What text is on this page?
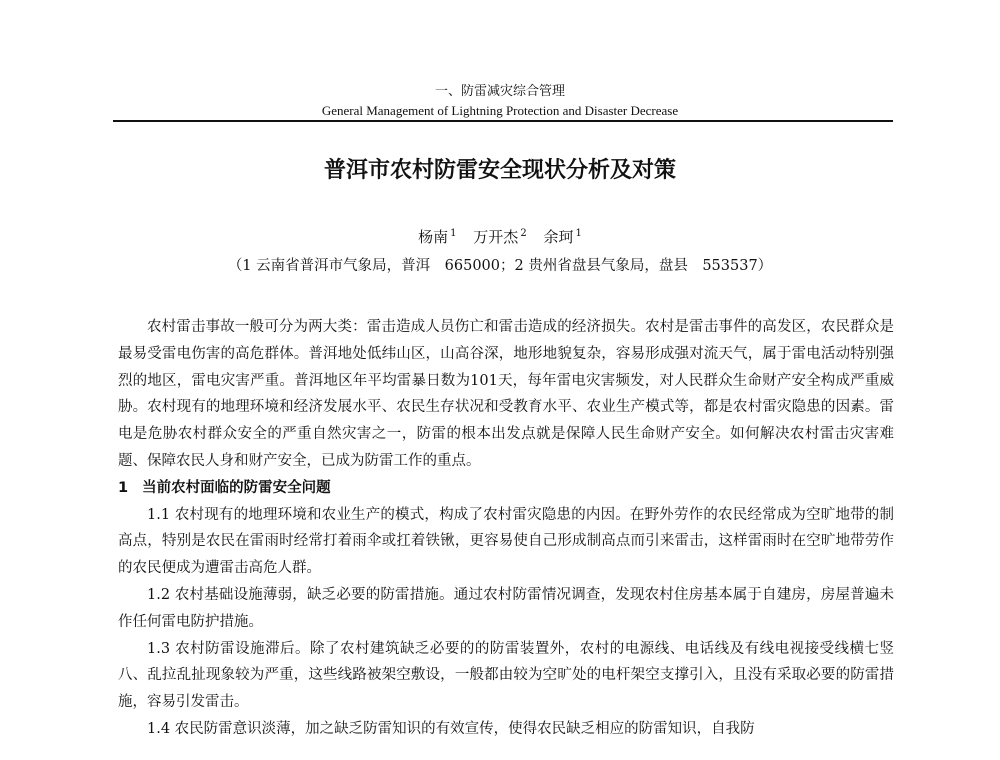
一、防雷减灾综合管理
General Management of Lightning Protection and Disaster Decrease
普洱市农村防雷安全现状分析及对策
杨南 $^1$ 万开杰 $^2$ 余珂 $^1$
（1 云南省普洱市气象局，普洱　665000；2 贵州省盘县气象局，盘县　553537）

农村雷击事故一般可分为两大类：雷击造成人员伤亡和雷击造成的经济损失。农村是雷击事件的高发区，农民群众是最易受雷电伤害的高危群体。普洱地处低纬山区，山高谷深，地形地貌复杂，容易形成强对流天气，属于雷电活动特别强烈的地区，雷电灾害严重。普洱地区年平均雷暴日数为101天，每年雷电灾害频发，对人民群众生命财产安全构成严重威胁。农村现有的地理环境和经济发展水平、农民生存状况和受教育水平、农业生产模式等，都是农村雷灾隐患的因素。雷电是危胁农村群众安全的严重自然灾害之一，防雷的根本出发点就是保障人民生命财产安全。如何解决农村雷击灾害难题、保障农民人身和财产安全，已成为防雷工作的重点。

1 当前农村面临的防雷安全问题

1.1 农村现有的地理环境和农业生产的模式，构成了农村雷灾隐患的内因。在野外劳作的农民经常成为空旷地带的制高点，特别是农民在雷雨时经常打着雨伞或扛着铁锹，更容易使自己形成制高点而引来雷击，这样雷雨时在空旷地带劳作的农民便成为遭雷击高危人群。

1.2 农村基础设施薄弱，缺乏必要的防雷措施。通过农村防雷情况调查，发现农村住房基本属于自建房，房屋普遍未作任何雷电防护措施。

1.3 农村防雷设施滞后。除了农村建筑缺乏必要的的防雷装置外，农村的电源线、电话线及有线电视接受线横七竖八、乱拉乱扯现象较为严重，这些线路被架空敷设，一般都由较为空旷处的电杆架空支撑引入，且没有采取必要的防雷措施，容易引发雷击。

1.4 农民防雷意识淡薄，加之缺乏防雷知识的有效宣传，使得农民缺乏相应的防雷知识，自我防
